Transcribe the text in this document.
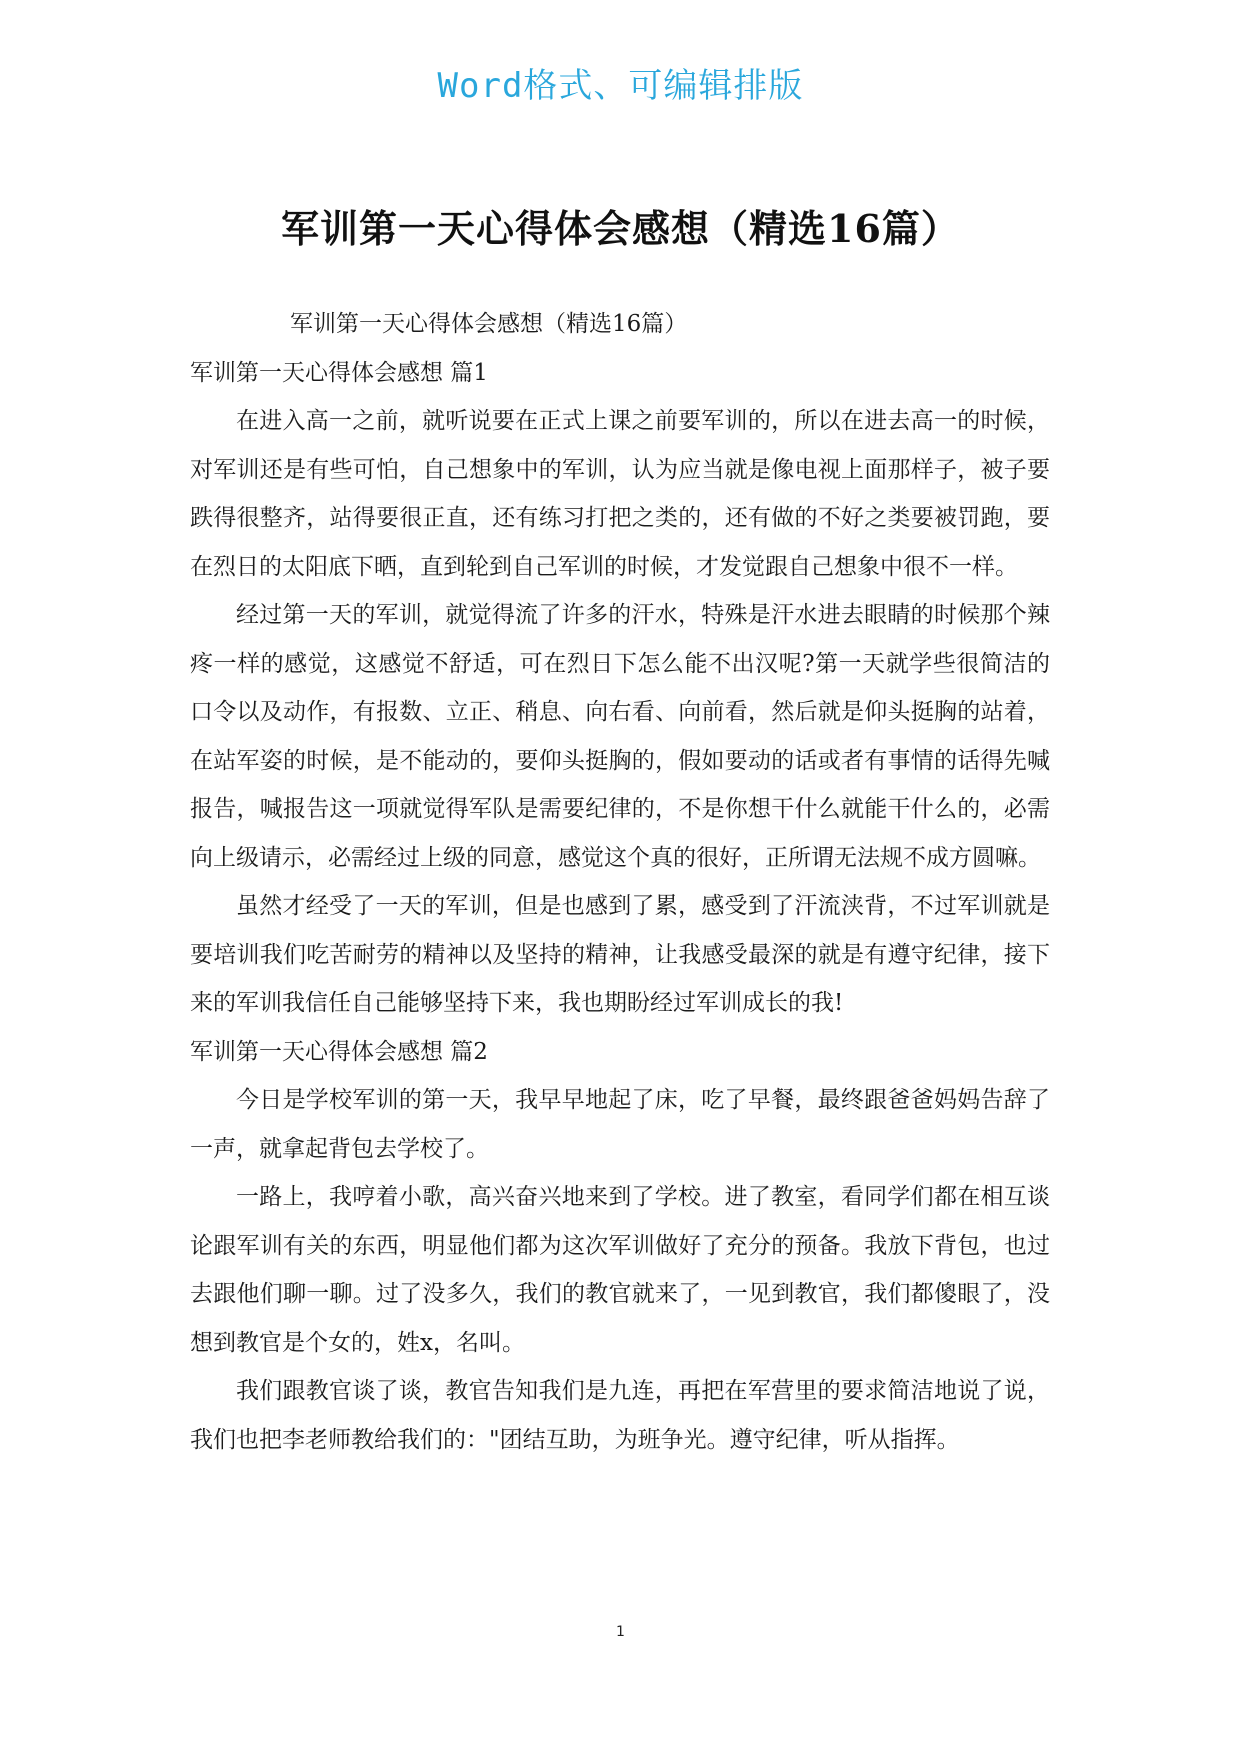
Word格式、可编辑排版
军训第一天心得体会感想（精选16篇）

军训第一天心得体会感想（精选16篇）

军训第一天心得体会感想 篇1

在进入高一之前，就听说要在正式上课之前要军训的，所以在进去高一的时候，对军训还是有些可怕，自己想象中的军训，认为应当就是像电视上面那样子，被子要跌得很整齐，站得要很正直，还有练习打把之类的，还有做的不好之类要被罚跑，要在烈日的太阳底下晒，直到轮到自己军训的时候，才发觉跟自己想象中很不一样。

经过第一天的军训，就觉得流了许多的汗水，特殊是汗水进去眼睛的时候那个辣疼一样的感觉，这感觉不舒适，可在烈日下怎么能不出汉呢?第一天就学些很简洁的口令以及动作，有报数、立正、稍息、向右看、向前看，然后就是仰头挺胸的站着，在站军姿的时候，是不能动的，要仰头挺胸的，假如要动的话或者有事情的话得先喊报告，喊报告这一项就觉得军队是需要纪律的，不是你想干什么就能干什么的，必需向上级请示，必需经过上级的同意，感觉这个真的很好，正所谓无法规不成方圆嘛。

虽然才经受了一天的军训，但是也感到了累，感受到了汗流浃背，不过军训就是要培训我们吃苦耐劳的精神以及坚持的精神，让我感受最深的就是有遵守纪律，接下来的军训我信任自己能够坚持下来，我也期盼经过军训成长的我!

军训第一天心得体会感想 篇2

今日是学校军训的第一天，我早早地起了床，吃了早餐，最终跟爸爸妈妈告辞了一声，就拿起背包去学校了。

一路上，我哼着小歌，高兴奋兴地来到了学校。进了教室，看同学们都在相互谈论跟军训有关的东西，明显他们都为这次军训做好了充分的预备。我放下背包，也过去跟他们聊一聊。过了没多久，我们的教官就来了，一见到教官，我们都傻眼了，没想到教官是个女的，姓x，名叫。

我们跟教官谈了谈，教官告知我们是九连，再把在军营里的要求简洁地说了说，我们也把李老师教给我们的："团结互助，为班争光。遵守纪律，听从指挥。

1
